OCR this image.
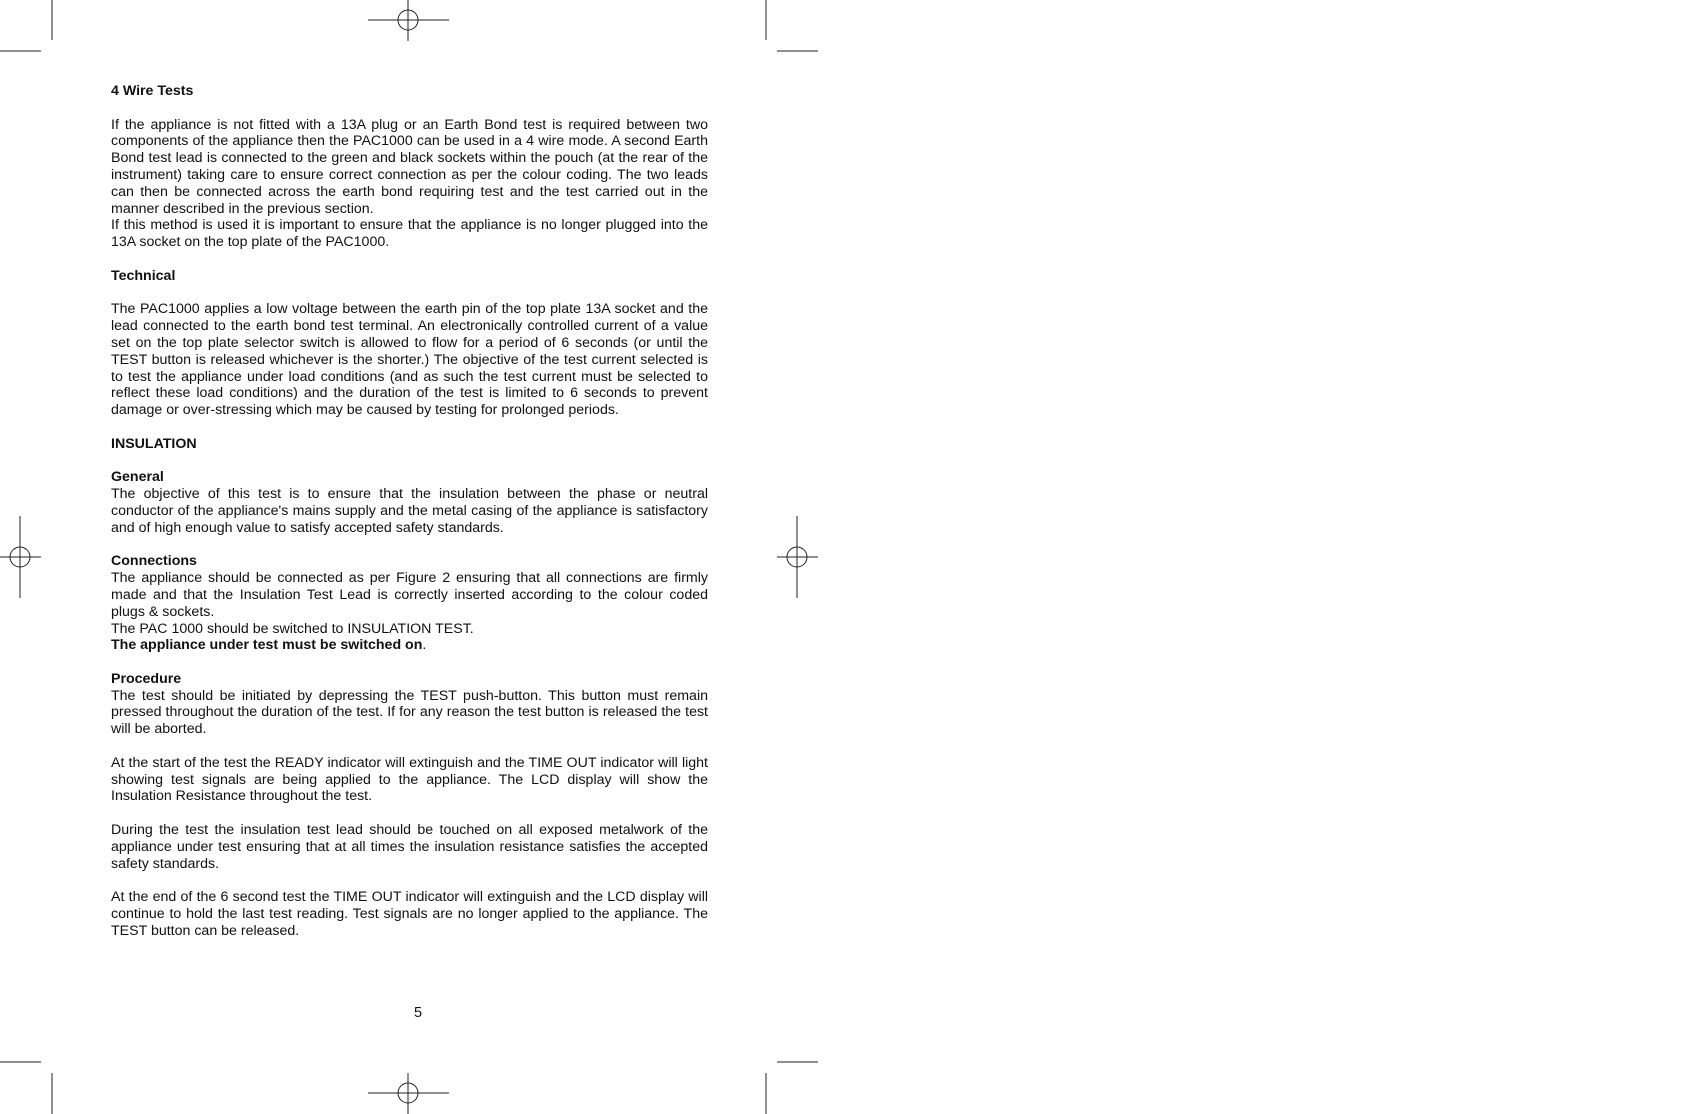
4 Wire Tests

If the appliance is not fitted with a 13A plug or an Earth Bond test is required between two components of the appliance then the PAC1000 can be used in a 4 wire mode. A second Earth Bond test lead is connected to the green and black sockets within the pouch (at the rear of the instrument) taking care to ensure correct connection as per the colour coding. The two leads can then be connected across the earth bond requiring test and the test carried out in the manner described in the previous section.

If this method is used it is important to ensure that the appliance is no longer plugged into the 13A socket on the top plate of the PAC1000.

Technical

The PAC1000 applies a low voltage between the earth pin of the top plate 13A socket and the lead connected to the earth bond test terminal. An electronically controlled current of a value set on the top plate selector switch is allowed to flow for a period of 6 seconds (or until the TEST button is released whichever is the shorter.) The objective of the test current selected is to test the appliance under load conditions (and as such the test current must be selected to reflect these load conditions) and the duration of the test is limited to 6 seconds to prevent damage or over-stressing which may be caused by testing for prolonged periods.

INSULATION

General

The objective of this test is to ensure that the insulation between the phase or neutral conductor of the appliance's mains supply and the metal casing of the appliance is satisfactory and of high enough value to satisfy accepted safety standards.

Connections

The appliance should be connected as per Figure 2 ensuring that all connections are firmly made and that the Insulation Test Lead is correctly inserted according to the colour coded plugs & sockets.

The PAC 1000 should be switched to INSULATION TEST.

The appliance under test must be switched on.

Procedure

The test should be initiated by depressing the TEST push-button. This button must remain pressed throughout the duration of the test. If for any reason the test button is released the test will be aborted.

At the start of the test the READY indicator will extinguish and the TIME OUT indicator will light showing test signals are being applied to the appliance. The LCD display will show the Insulation Resistance throughout the test.

During the test the insulation test lead should be touched on all exposed metalwork of the appliance under test ensuring that at all times the insulation resistance satisfies the accepted safety standards.

At the end of the 6 second test the TIME OUT indicator will extinguish and the LCD display will continue to hold the last test reading. Test signals are no longer applied to the appliance. The TEST button can be released.

5
